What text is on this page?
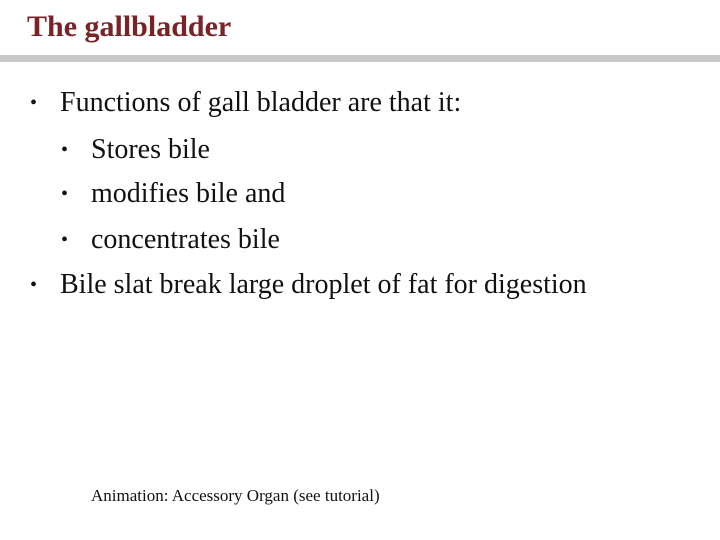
The gallbladder
• Functions of gall bladder are that it:
• Stores bile
• modifies bile and
• concentrates bile
• Bile slat break large droplet of fat for digestion
Animation: Accessory Organ (see tutorial)
